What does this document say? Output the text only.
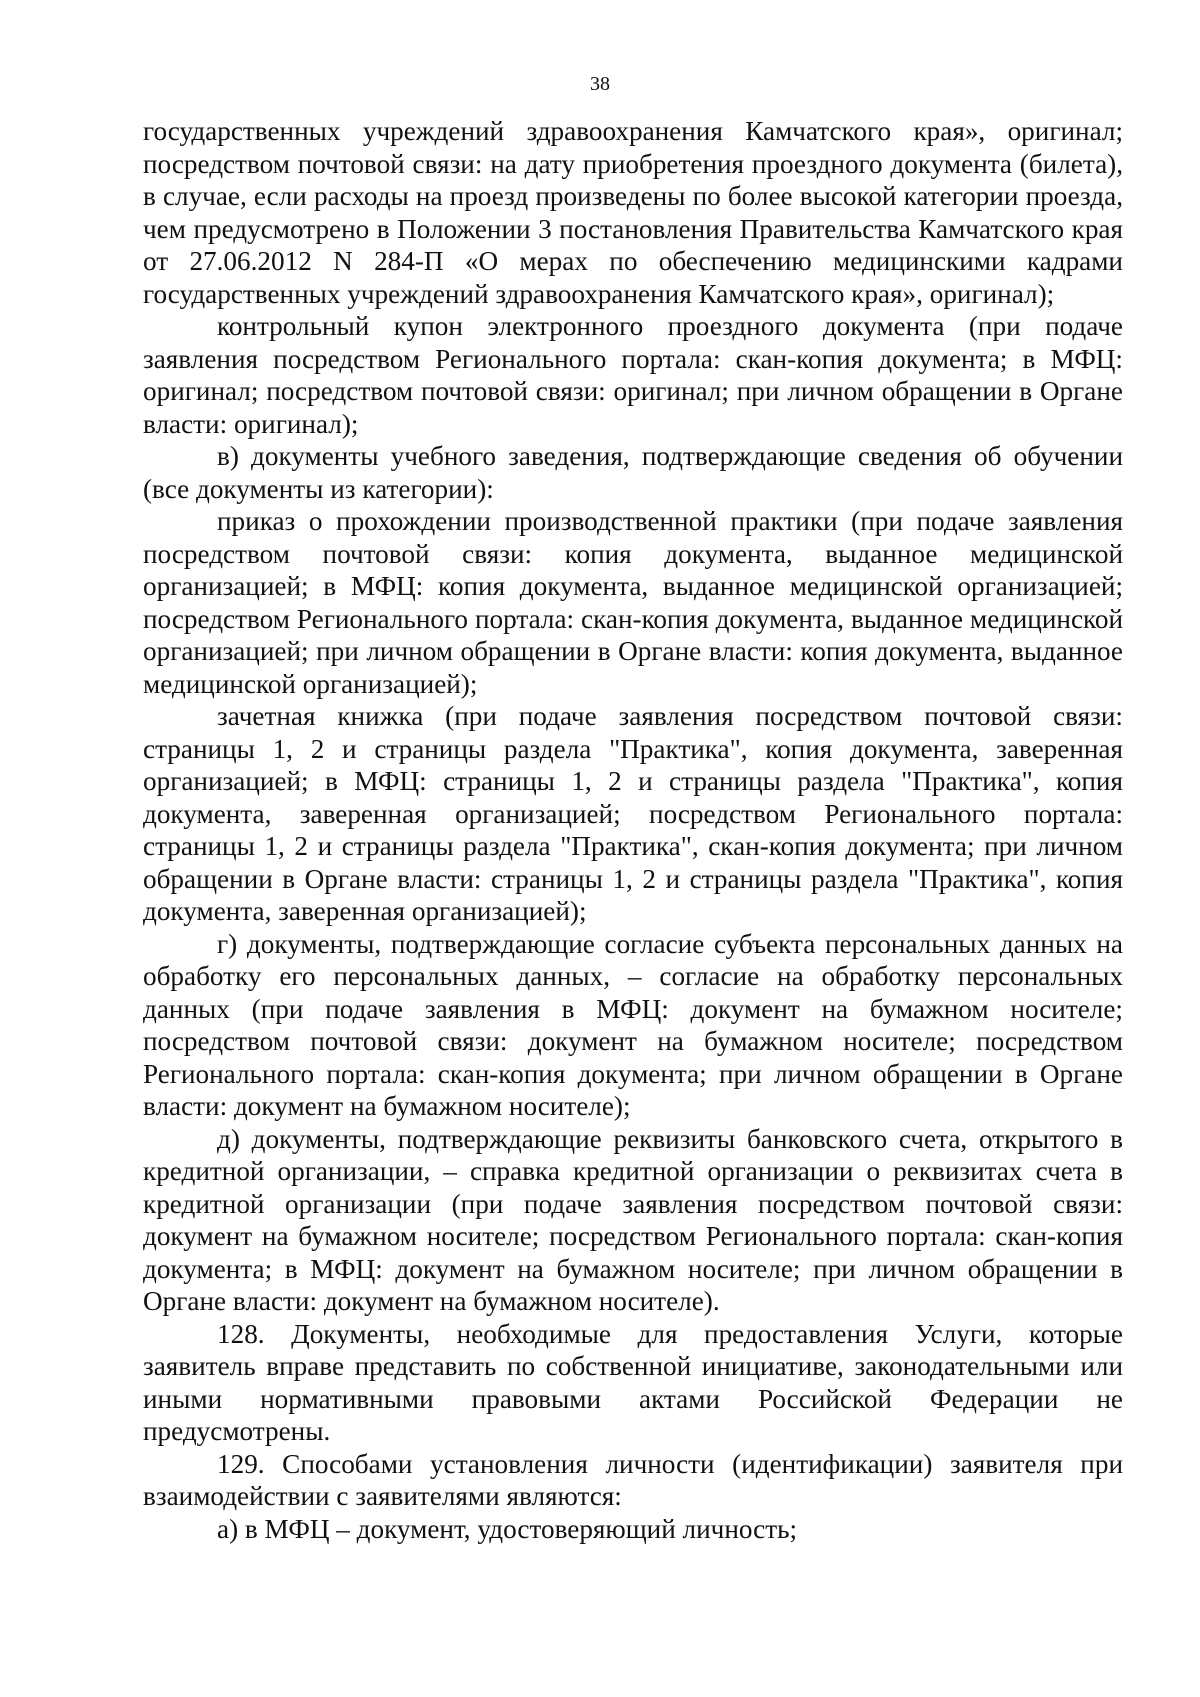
38

государственных учреждений здравоохранения Камчатского края», оригинал; посредством почтовой связи: на дату приобретения проездного документа (билета), в случае, если расходы на проезд произведены по более высокой категории проезда, чем предусмотрено в Положении 3 постановления Правительства Камчатского края от 27.06.2012 N 284-П «О мерах по обеспечению медицинскими кадрами государственных учреждений здравоохранения Камчатского края», оригинал);

контрольный купон электронного проездного документа (при подаче заявления посредством Регионального портала: скан-копия документа; в МФЦ: оригинал; посредством почтовой связи: оригинал; при личном обращении в Органе власти: оригинал);

в) документы учебного заведения, подтверждающие сведения об обучении (все документы из категории):

приказ о прохождении производственной практики (при подаче заявления посредством почтовой связи: копия документа, выданное медицинской организацией; в МФЦ: копия документа, выданное медицинской организацией; посредством Регионального портала: скан-копия документа, выданное медицинской организацией; при личном обращении в Органе власти: копия документа, выданное медицинской организацией);

зачетная книжка (при подаче заявления посредством почтовой связи: страницы 1, 2 и страницы раздела "Практика", копия документа, заверенная организацией; в МФЦ: страницы 1, 2 и страницы раздела "Практика", копия документа, заверенная организацией; посредством Регионального портала: страницы 1, 2 и страницы раздела "Практика", скан-копия документа; при личном обращении в Органе власти: страницы 1, 2 и страницы раздела "Практика", копия документа, заверенная организацией);

г) документы, подтверждающие согласие субъекта персональных данных на обработку его персональных данных, – согласие на обработку персональных данных (при подаче заявления в МФЦ: документ на бумажном носителе; посредством почтовой связи: документ на бумажном носителе; посредством Регионального портала: скан-копия документа; при личном обращении в Органе власти: документ на бумажном носителе);

д) документы, подтверждающие реквизиты банковского счета, открытого в кредитной организации, – справка кредитной организации о реквизитах счета в кредитной организации (при подаче заявления посредством почтовой связи: документ на бумажном носителе; посредством Регионального портала: скан-копия документа; в МФЦ: документ на бумажном носителе; при личном обращении в Органе власти: документ на бумажном носителе).

128. Документы, необходимые для предоставления Услуги, которые заявитель вправе представить по собственной инициативе, законодательными или иными нормативными правовыми актами Российской Федерации не предусмотрены.

129. Способами установления личности (идентификации) заявителя при взаимодействии с заявителями являются:

а) в МФЦ – документ, удостоверяющий личность;
